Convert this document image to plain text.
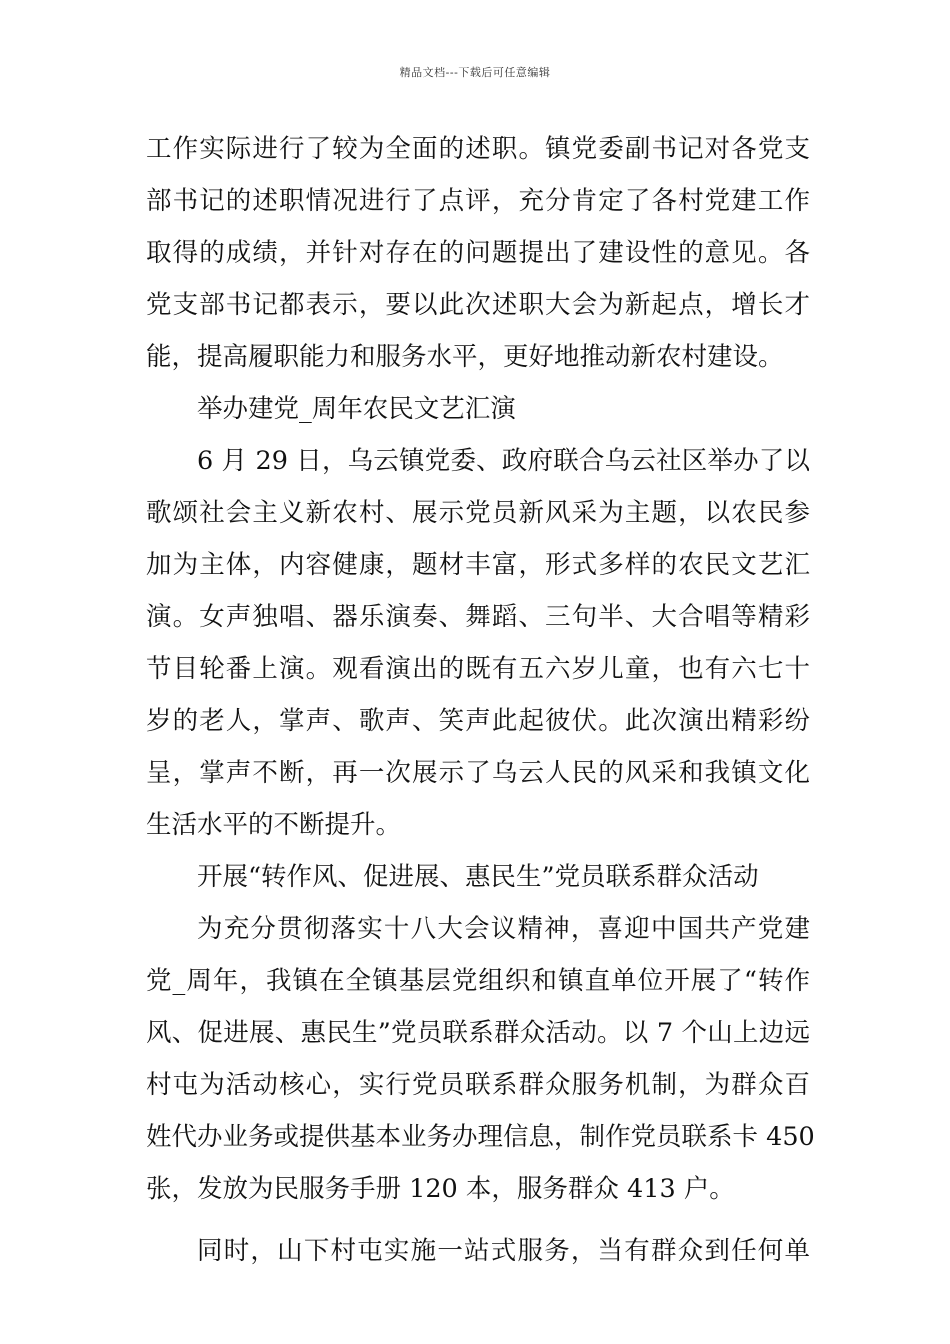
精品文档---下载后可任意编辑
工作实际进行了较为全面的述职。镇党委副书记对各党支
部书记的述职情况进行了点评，充分肯定了各村党建工作
取得的成绩，并针对存在的问题提出了建设性的意见。各
党支部书记都表示，要以此次述职大会为新起点，增长才
能，提高履职能力和服务水平，更好地推动新农村建设。
举办建党_周年农民文艺汇演
6 月 29 日，乌云镇党委、政府联合乌云社区举办了以
歌颂社会主义新农村、展示党员新风采为主题，以农民参
加为主体，内容健康，题材丰富，形式多样的农民文艺汇
演。女声独唱、器乐演奏、舞蹈、三句半、大合唱等精彩
节目轮番上演。观看演出的既有五六岁儿童，也有六七十
岁的老人，掌声、歌声、笑声此起彼伏。此次演出精彩纷
呈，掌声不断，再一次展示了乌云人民的风采和我镇文化
生活水平的不断提升。
开展“转作风、促进展、惠民生”党员联系群众活动
为充分贯彻落实十八大会议精神，喜迎中国共产党建
党_周年，我镇在全镇基层党组织和镇直单位开展了“转作
风、促进展、惠民生”党员联系群众活动。以 7 个山上边远
村屯为活动核心，实行党员联系群众服务机制，为群众百
姓代办业务或提供基本业务办理信息，制作党员联系卡 450
张，发放为民服务手册 120 本，服务群众 413 户。
同时，山下村屯实施一站式服务，当有群众到任何单
